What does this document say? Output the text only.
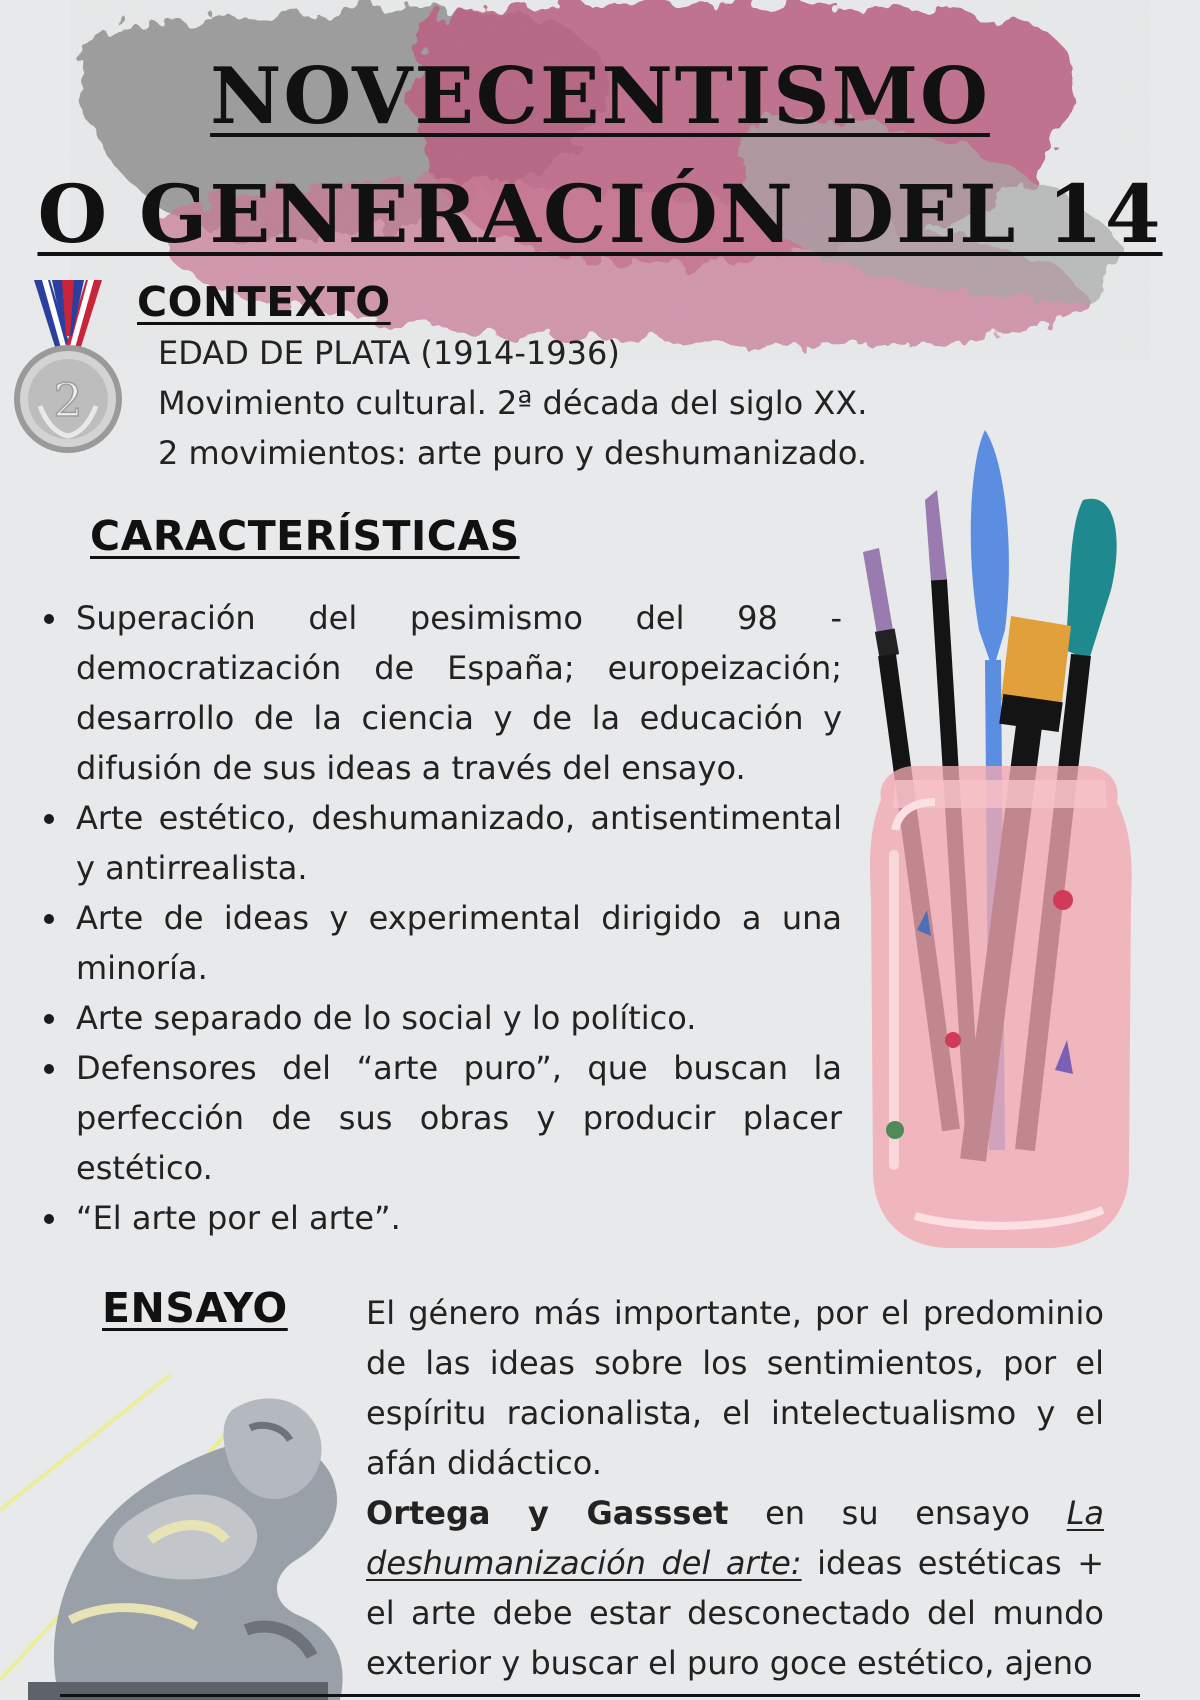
NOVECENTISMO
O GENERACIÓN DEL 14
2
CONTEXTO
EDAD DE PLATA (1914-1936)
Movimiento cultural. 2ª década del siglo XX.
2 movimientos: arte puro y deshumanizado.
CARACTERÍSTICAS
Superación del pesimismo del 98 - democratización de España; europeización; desarrollo de la ciencia y de la educación y difusión de sus ideas a través del ensayo.
Arte estético, deshumanizado, antisentimental y antirrealista.
Arte de ideas y experimental dirigido a una minoría.
Arte separado de lo social y lo político.
Defensores del “arte puro”, que buscan la perfección de sus obras y producir placer estético.
“El arte por el arte”.
ENSAYO El género más importante, por el predominio de las ideas sobre los sentimientos, por el espíritu racionalista, el intelectualismo y el afán didáctico.

Ortega y Gassset en su ensayo La deshumanización del arte: ideas estéticas + el arte debe estar desconectado del mundo exterior y buscar el puro goce estético, ajeno
